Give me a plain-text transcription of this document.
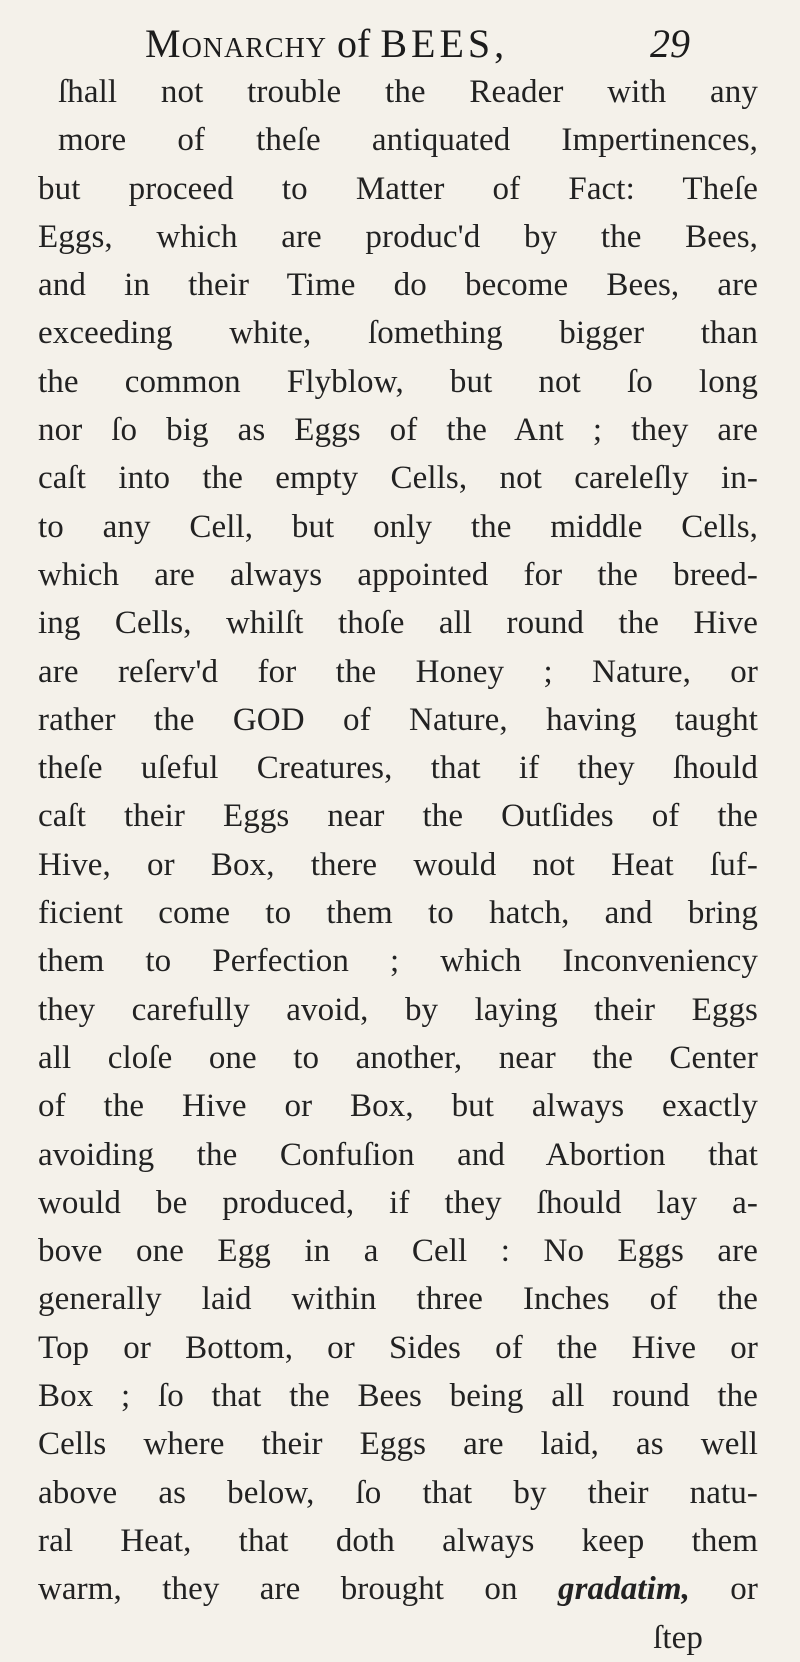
Monarchy of BEES,	29
ſhall not trouble the Reader with any
more of theſe antiquated Impertinences,
but proceed to Matter of Fact: Theſe
Eggs, which are produc'd by the Bees,
and in their Time do become Bees, are
exceeding white, ſomething bigger than
the common Flyblow, but not ſo long
nor ſo big as Eggs of the Ant ; they are
caſt into the empty Cells, not careleſly in-
to any Cell, but only the middle Cells,
which are always appointed for the breed-
ing Cells, whilſt thoſe all round the Hive
are reſerv'd for the Honey ; Nature, or
rather the GOD of Nature, having taught
theſe uſeful Creatures, that if they ſhould
caſt their Eggs near the Outſides of the
Hive, or Box, there would not Heat ſuf-
ficient come to them to hatch, and bring
them to Perfection ; which Inconveniency
they carefully avoid, by laying their Eggs
all cloſe one to another, near the Center
of the Hive or Box, but always exactly
avoiding the Confuſion and Abortion that
would be produced, if they ſhould lay a-
bove one Egg in a Cell : No Eggs are
generally laid within three Inches of the
Top or Bottom, or Sides of the Hive or
Box ; ſo that the Bees being all round the
Cells where their Eggs are laid, as well
above as below, ſo that by their natu-
ral Heat, that doth always keep them
warm, they are brought on gradatim, or
ſtep
